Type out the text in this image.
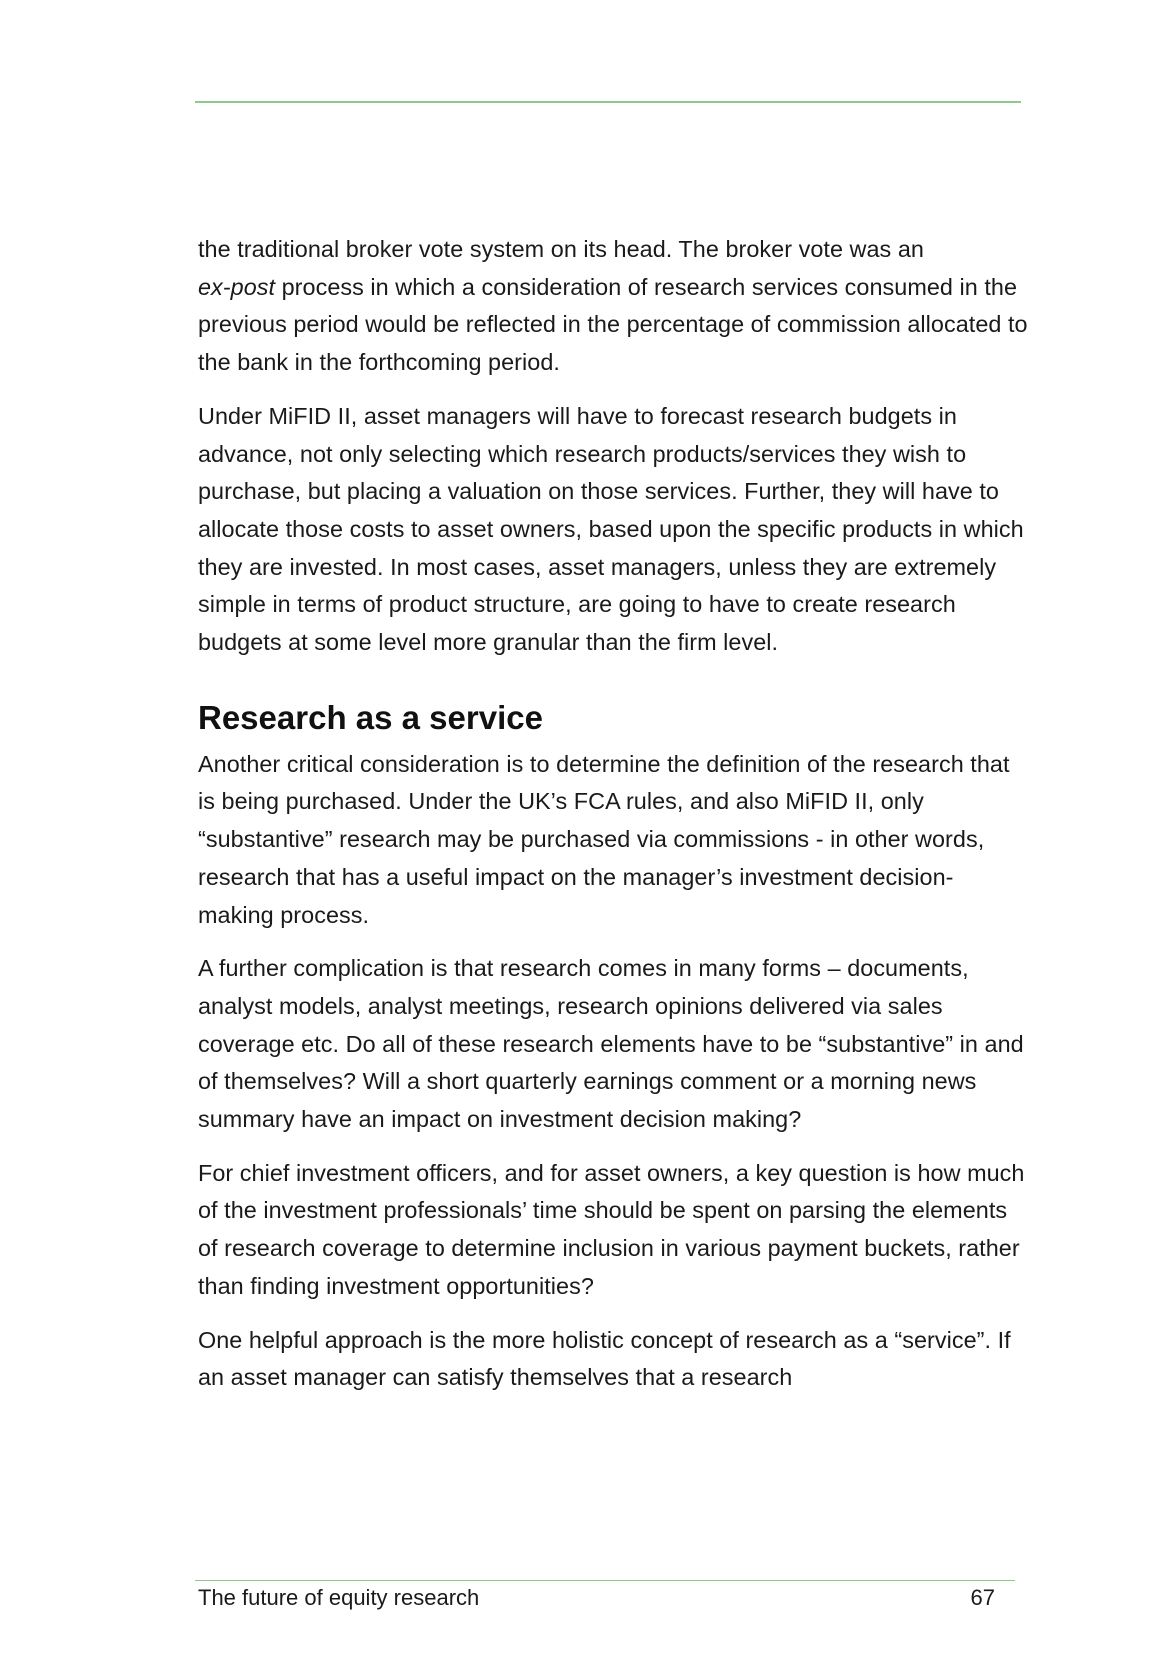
the traditional broker vote system on its head. The broker vote was an
ex-post process in which a consideration of research services consumed in the previous period would be reflected in the percentage of commission allocated to the bank in the forthcoming period.

Under MiFID II, asset managers will have to forecast research budgets in advance, not only selecting which research products/services they wish to purchase, but placing a valuation on those services. Further, they will have to allocate those costs to asset owners, based upon the specific products in which they are invested. In most cases, asset managers, unless they are extremely simple in terms of product structure, are going to have to create research budgets at some level more granular than the firm level.

Research as a service

Another critical consideration is to determine the definition of the research that is being purchased. Under the UK’s FCA rules, and also MiFID II, only “substantive” research may be purchased via commissions - in other words, research that has a useful impact on the manager’s investment decision-making process.

A further complication is that research comes in many forms – documents, analyst models, analyst meetings, research opinions delivered via sales coverage etc. Do all of these research elements have to be “substantive” in and of themselves? Will a short quarterly earnings comment or a morning news summary have an impact on investment decision making?

For chief investment officers, and for asset owners, a key question is how much of the investment professionals’ time should be spent on parsing the elements of research coverage to determine inclusion in various payment buckets, rather than finding investment opportunities?

One helpful approach is the more holistic concept of research as a “service”. If an asset manager can satisfy themselves that a research

The future of equity research	67
